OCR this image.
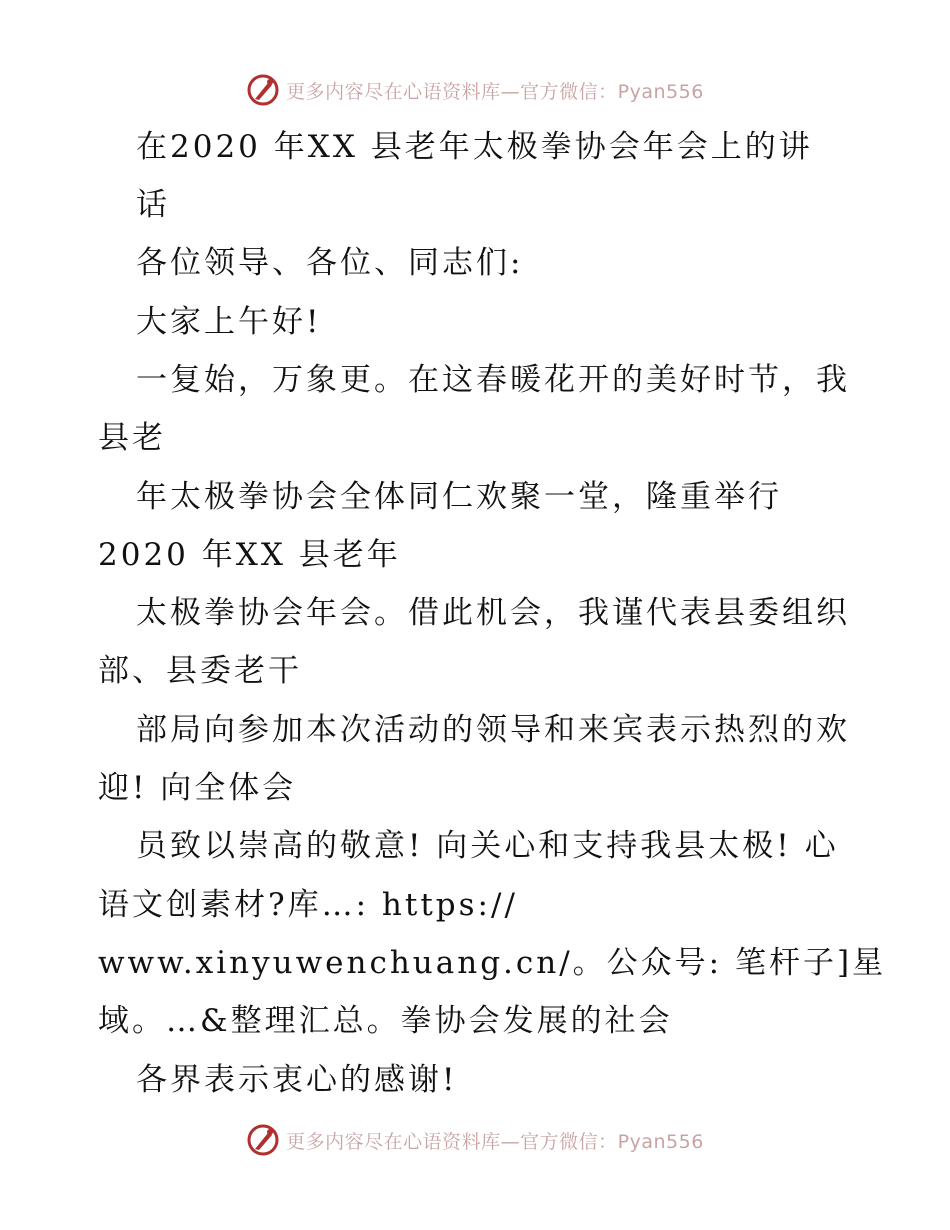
更多内容尽在心语资料库—官方微信：Pyan556
在2020 年XX 县老年太极拳协会年会上的讲
话
各位领导、各位、同志们:
大家上午好!
一复始，万象更。在这春暖花开的美好时节，我
县老
年太极拳协会全体同仁欢聚一堂，隆重举行
2020 年XX 县老年
太极拳协会年会。借此机会，我谨代表县委组织
部、县委老干
部局向参加本次活动的领导和来宾表示热烈的欢
迎! 向全体会
员致以崇高的敬意! 向关心和支持我县太极! 心
语文创素材?库…: https://
www.xinyuwenchuang.cn/。公众号: 笔杆子]星
域。…&整理汇总。拳协会发展的社会
各界表示衷心的感谢!
更多内容尽在心语资料库—官方微信：Pyan556
